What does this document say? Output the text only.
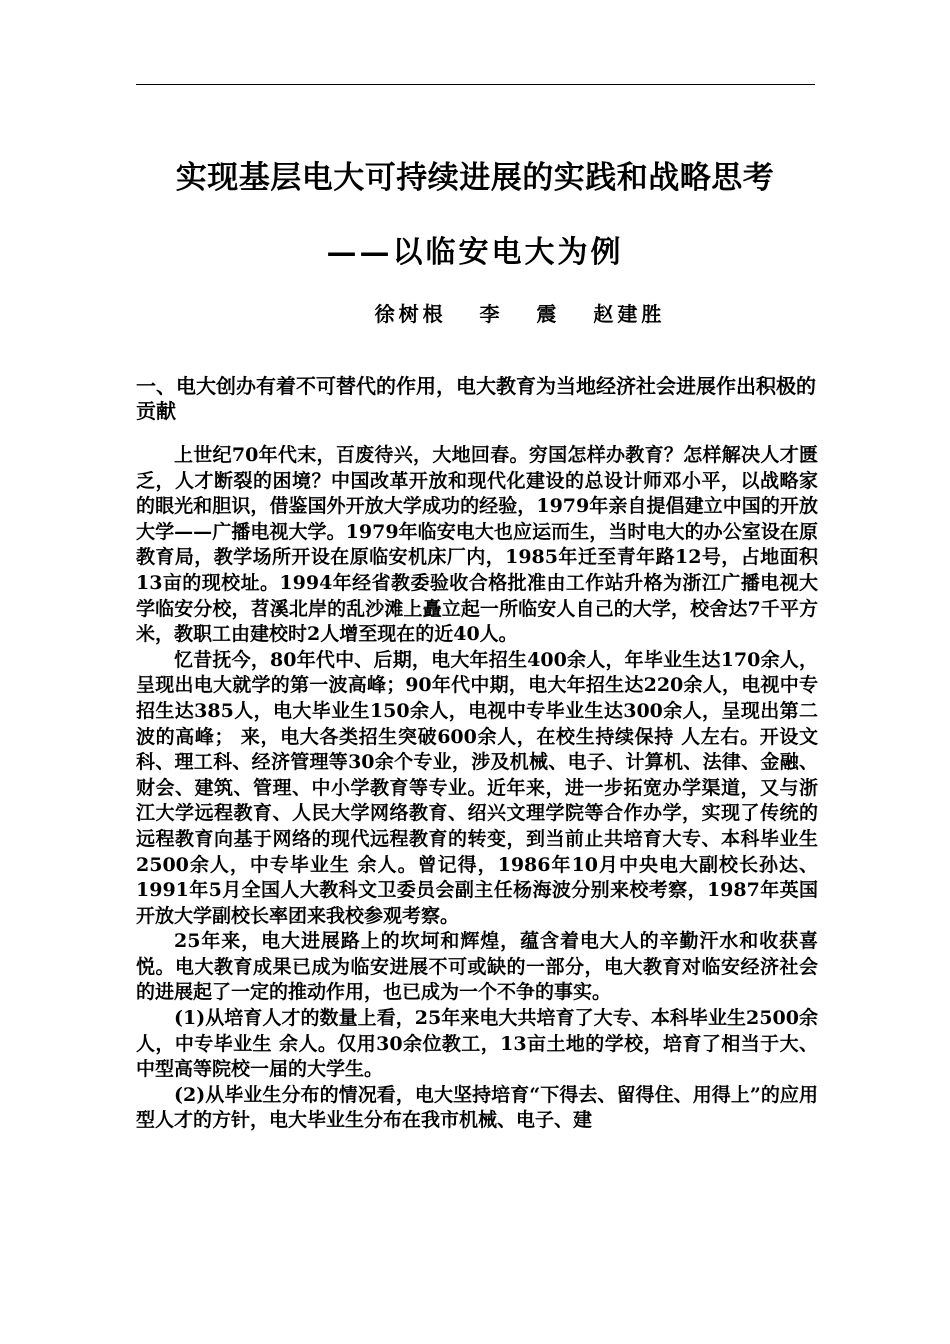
实现基层电大可持续进展的实践和战略思考
——以临安电大为例
徐树根   李   震   赵建胜
一、电大创办有着不可替代的作用，电大教育为当地经济社会进展作出积极的贡献

上世纪70年代末，百废待兴，大地回春。穷国怎样办教育？怎样解决人才匮乏，人才断裂的困境？中国改革开放和现代化建设的总设计师邓小平，以战略家的眼光和胆识，借鉴国外开放大学成功的经验，1979年亲自提倡建立中国的开放大学——广播电视大学。1979年临安电大也应运而生，当时电大的办公室设在原教育局，教学场所开设在原临安机床厂内，1985年迁至青年路12号，占地面积13亩的现校址。1994年经省教委验收合格批准由工作站升格为浙江广播电视大学临安分校，苕溪北岸的乱沙滩上矗立起一所临安人自己的大学，校舍达7千平方米，教职工由建校时2人增至现在的近40人。

忆昔抚今，80年代中、后期，电大年招生400余人，年毕业生达170余人，呈现出电大就学的第一波高峰；90年代中期，电大年招生达220余人，电视中专招生达385人，电大毕业生150余人，电视中专毕业生达300余人，呈现出第二波的高峰； 来，电大各类招生突破600余人，在校生持续保持 人左右。开设文科、理工科、经济管理等30余个专业，涉及机械、电子、计算机、法律、金融、财会、建筑、管理、中小学教育等专业。近年来，进一步拓宽办学渠道，又与浙江大学远程教育、人民大学网络教育、绍兴文理学院等合作办学，实现了传统的远程教育向基于网络的现代远程教育的转变，到当前止共培育大专、本科毕业生2500余人，中专毕业生 余人。曾记得，1986年10月中央电大副校长孙达、1991年5月全国人大教科文卫委员会副主任杨海波分别来校考察，1987年英国开放大学副校长率团来我校参观考察。

25年来，电大进展路上的坎坷和辉煌，蕴含着电大人的辛勤汗水和收获喜悦。电大教育成果已成为临安进展不可或缺的一部分，电大教育对临安经济社会的进展起了一定的推动作用，也已成为一个不争的事实。

(1)从培育人才的数量上看，25年来电大共培育了大专、本科毕业生2500余人，中专毕业生 余人。仅用30余位教工，13亩土地的学校，培育了相当于大、中型高等院校一届的大学生。

(2)从毕业生分布的情况看，电大坚持培育“下得去、留得住、用得上”的应用型人才的方针，电大毕业生分布在我市机械、电子、建
